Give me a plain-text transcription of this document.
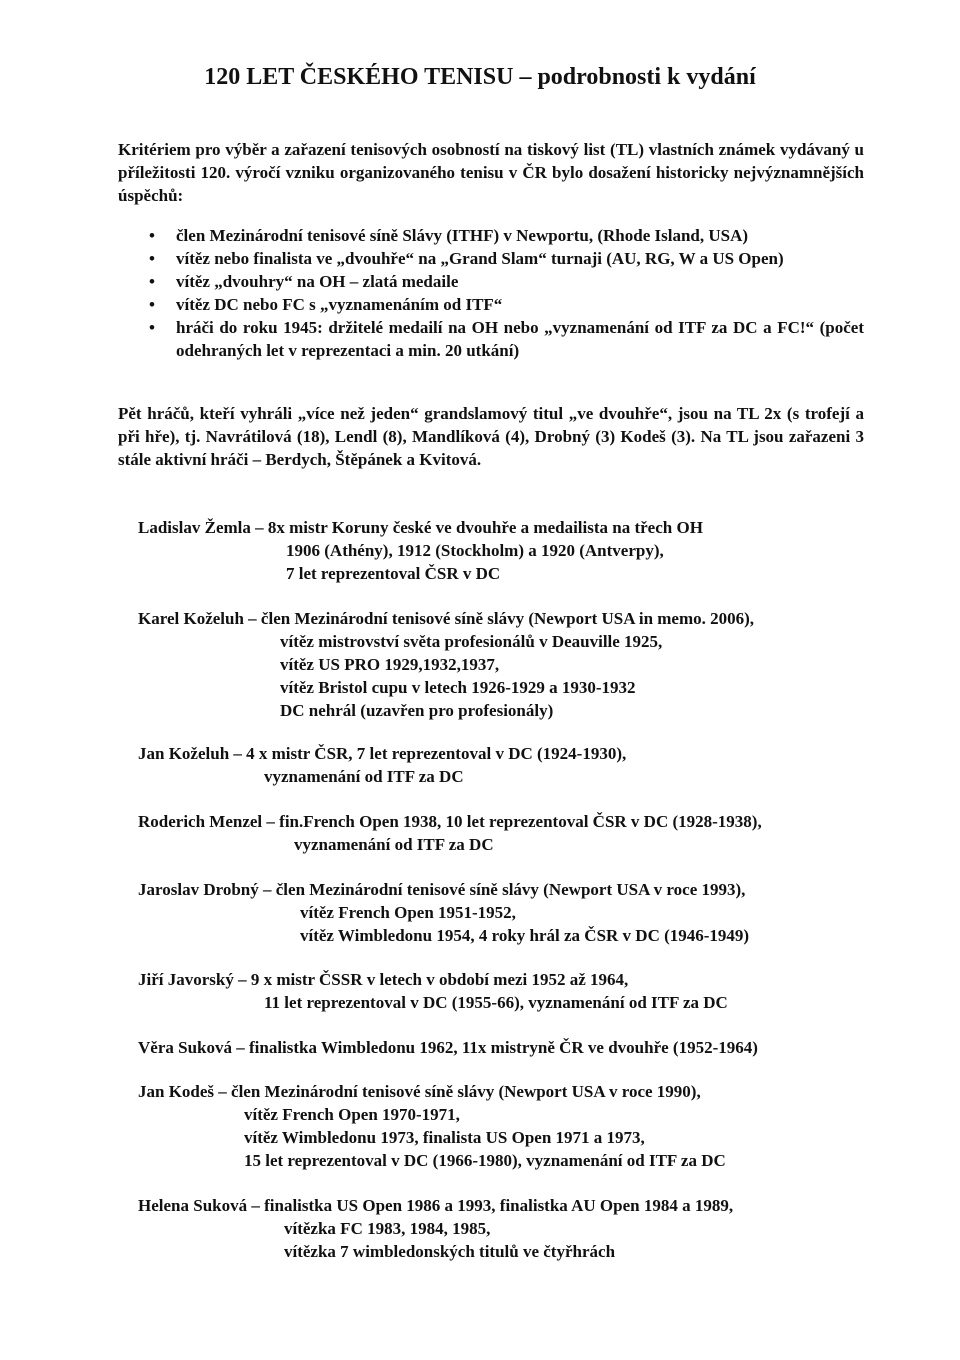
120 LET ČESKÉHO TENISU – podrobnosti k vydání

Kritériem pro výběr a zařazení tenisových osobností na tiskový list (TL) vlastních známek vydávaný u příležitosti 120. výročí vzniku organizovaného tenisu v ČR bylo dosažení historicky nejvýznamnějších úspěchů:

• člen Mezinárodní tenisové síně Slávy (ITHF) v Newportu, (Rhode Island, USA)
• vítěz nebo finalista ve „dvouhře“ na „Grand Slam“ turnaji (AU, RG, W a US Open)
• vítěz „dvouhry“ na OH – zlatá medaile
• vítěz DC nebo FC s „vyznamenáním od ITF“
• hráči do roku 1945: držitelé medailí na OH nebo „vyznamenání od ITF za DC a FC!“ (počet odehraných let v reprezentaci a min. 20 utkání)

Pět hráčů, kteří vyhráli „více než jeden“ grandslamový titul „ve dvouhře“, jsou na TL 2x (s trofejí a při hře), tj. Navrátilová (18), Lendl (8), Mandlíková (4), Drobný (3) Kodeš (3). Na TL jsou zařazeni 3 stále aktivní hráči – Berdych, Štěpánek a Kvitová.

Ladislav Žemla – 8x mistr Koruny české ve dvouhře a medailista na třech OH
1906 (Athény), 1912 (Stockholm) a 1920 (Antverpy),
7 let reprezentoval ČSR v DC
Karel Koželuh – člen Mezinárodní tenisové síně slávy (Newport USA in memo. 2006),
vítěz mistrovství světa profesionálů v Deauville 1925,
vítěz US PRO 1929,1932,1937,
vítěz Bristol cupu v letech 1926-1929 a 1930-1932
DC nehrál (uzavřen pro profesionály)
Jan Koželuh – 4 x mistr ČSR, 7 let reprezentoval v DC (1924-1930),
vyznamenání od ITF za DC
Roderich Menzel – fin.French Open 1938, 10 let reprezentoval ČSR v DC (1928-1938),
vyznamenání od ITF za DC
Jaroslav Drobný – člen Mezinárodní tenisové síně slávy (Newport USA v roce 1993),
vítěz French Open 1951-1952,
vítěz Wimbledonu 1954, 4 roky hrál za ČSR v DC (1946-1949)
Jiří Javorský – 9 x mistr ČSSR v letech v období mezi 1952 až 1964,
11 let reprezentoval v DC (1955-66), vyznamenání od ITF za DC
Věra Suková – finalistka Wimbledonu 1962, 11x mistryně ČR ve dvouhře (1952-1964)
Jan Kodeš – člen Mezinárodní tenisové síně slávy (Newport USA v roce 1990),
vítěz French Open 1970-1971,
vítěz Wimbledonu 1973, finalista US Open 1971 a 1973,
15 let reprezentoval v DC (1966-1980), vyznamenání od ITF za DC
Helena Suková – finalistka US Open 1986 a 1993, finalistka AU Open 1984 a 1989,
vítězka FC 1983, 1984, 1985,
vítězka 7 wimbledonských titulů ve čtyřhrách
